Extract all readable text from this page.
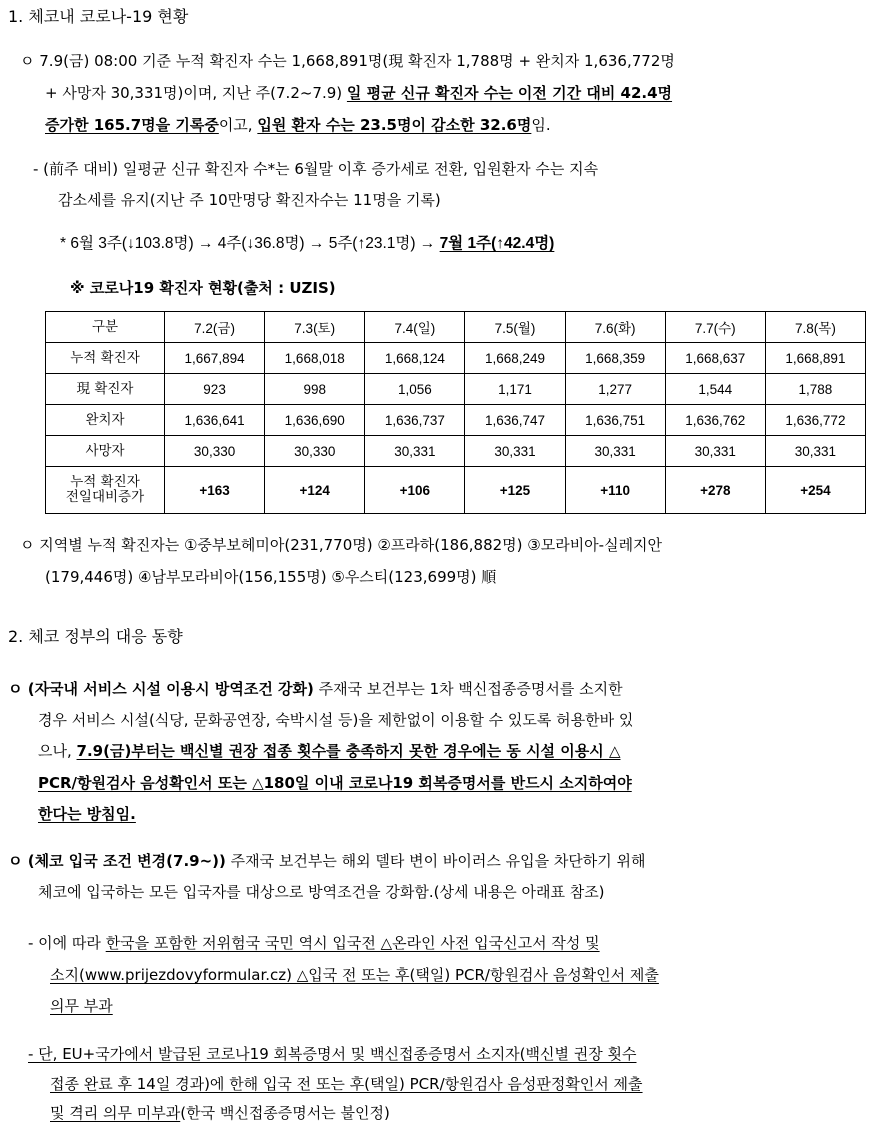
1. 체코내 코로나-19 현황
ㅇ 7.9(금) 08:00 기준 누적 확진자 수는 1,668,891명(現 확진자 1,788명 + 완치자 1,636,772명
+ 사망자 30,331명)이며, 지난 주(7.2~7.9) 일 평균 신규 확진자 수는 이전 기간 대비 42.4명
증가한 165.7명을 기록중이고, 입원 환자 수는 23.5명이 감소한 32.6명임.
- (前주 대비) 일평균 신규 확진자 수*는 6월말 이후 증가세로 전환, 입원환자 수는 지속
감소세를 유지(지난 주 10만명당 확진자수는 11명을 기록)
* 6월 3주(↓103.8명) → 4주(↓36.8명) → 5주(↑23.1명) → 7월 1주(↑42.4명)
※ 코로나19 확진자 현황(출처 : UZIS)
구분	7.2(금)	7.3(토)	7.4(일)	7.5(월)	7.6(화)	7.7(수)	7.8(목)
누적 확진자	1,667,894	1,668,018	1,668,124	1,668,249	1,668,359	1,668,637	1,668,891
現 확진자	923	998	1,056	1,171	1,277	1,544	1,788
완치자	1,636,641	1,636,690	1,636,737	1,636,747	1,636,751	1,636,762	1,636,772
사망자	30,330	30,330	30,331	30,331	30,331	30,331	30,331

누적 확진자
전일대비증가	+163	+124	+106	+125	+110	+278	+254
ㅇ 지역별 누적 확진자는 ①중부보헤미아(231,770명) ②프라하(186,882명) ③모라비아-실레지안
(179,446명) ④남부모라비아(156,155명) ⑤우스티(123,699명) 順
2. 체코 정부의 대응 동향
ㅇ (자국내 서비스 시설 이용시 방역조건 강화) 주재국 보건부는 1차 백신접종증명서를 소지한
경우 서비스 시설(식당, 문화공연장, 숙박시설 등)을 제한없이 이용할 수 있도록 허용한바 있
으나, 7.9(금)부터는 백신별 권장 접종 횟수를 충족하지 못한 경우에는 동 시설 이용시 △
PCR/항원검사 음성확인서 또는 △180일 이내 코로나19 회복증명서를 반드시 소지하여야
한다는 방침임.
ㅇ (체코 입국 조건 변경(7.9~)) 주재국 보건부는 해외 델타 변이 바이러스 유입을 차단하기 위해
체코에 입국하는 모든 입국자를 대상으로 방역조건을 강화함.(상세 내용은 아래표 참조)
- 이에 따라 한국을 포함한 저위험국 국민 역시 입국전 △온라인 사전 입국신고서 작성 및
소지(www.prijezdovyformular.cz) △입국 전 또는 후(택일) PCR/항원검사 음성확인서 제출
의무 부과
- 단, EU+국가에서 발급된 코로나19 회복증명서 및 백신접종증명서 소지자(백신별 권장 횟수
접종 완료 후 14일 경과)에 한해 입국 전 또는 후(택일) PCR/항원검사 음성판정확인서 제출
및 격리 의무 미부과(한국 백신접종증명서는 불인정)
